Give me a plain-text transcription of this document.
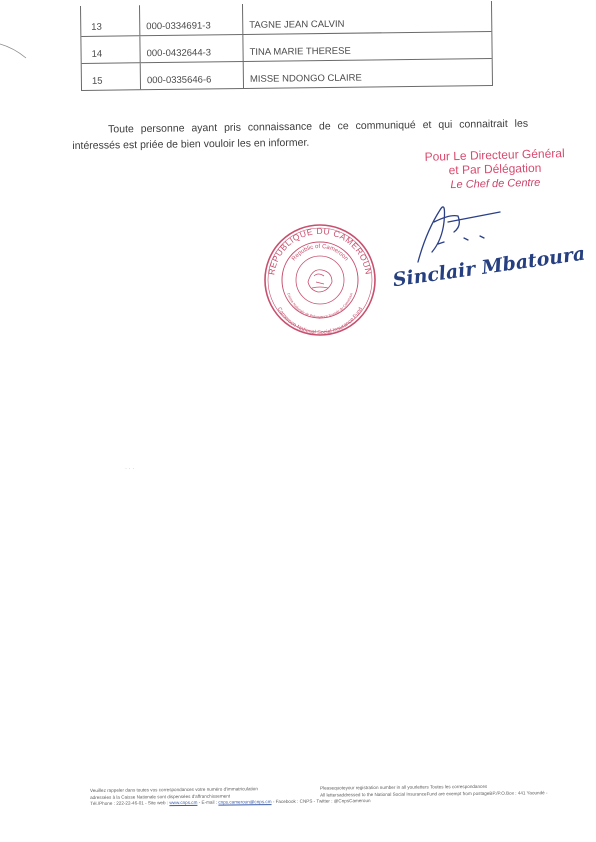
13	000-0334691-3	TAGNE JEAN CALVIN
14	000-0432644-3	TINA MARIE THERESE
15	000-0335646-6	MISSE NDONGO CLAIRE
Toute personne ayant pris connaissance de ce communiqué et qui connaitrait les intéressés est priée de bien vouloir les en informer.
Pour Le Directeur Général
et Par Délégation
Le Chef de Centre
REPUBLIQUE DU CAMEROUN
Cameroon National Social Insurance Fund
Republic of Cameroon
Caisse Nationale de Prévoyance Sociale du Cameroun
Sinclair Mbatoura
· · ·
Veuillez rappeler dans toutes vos correspondances votre numéro d'immatriculation	Pleasequoteyour registration number in all yourletters Toutes les correspondances
adressées à la Caisse Nationale sont dispensées d'affranchissement	All lettersaddressed to the National Social InsuranceFund are exempt from postageBP./P.O.Box : 441 Yaoundé -
Tél./Phone : 222-22-46-01 - Site web : www.cnps.cm - E-mail : cnps.cameroun@cnps.cm - Facebook : CNPS - Twitter : @CnpsCameroun
